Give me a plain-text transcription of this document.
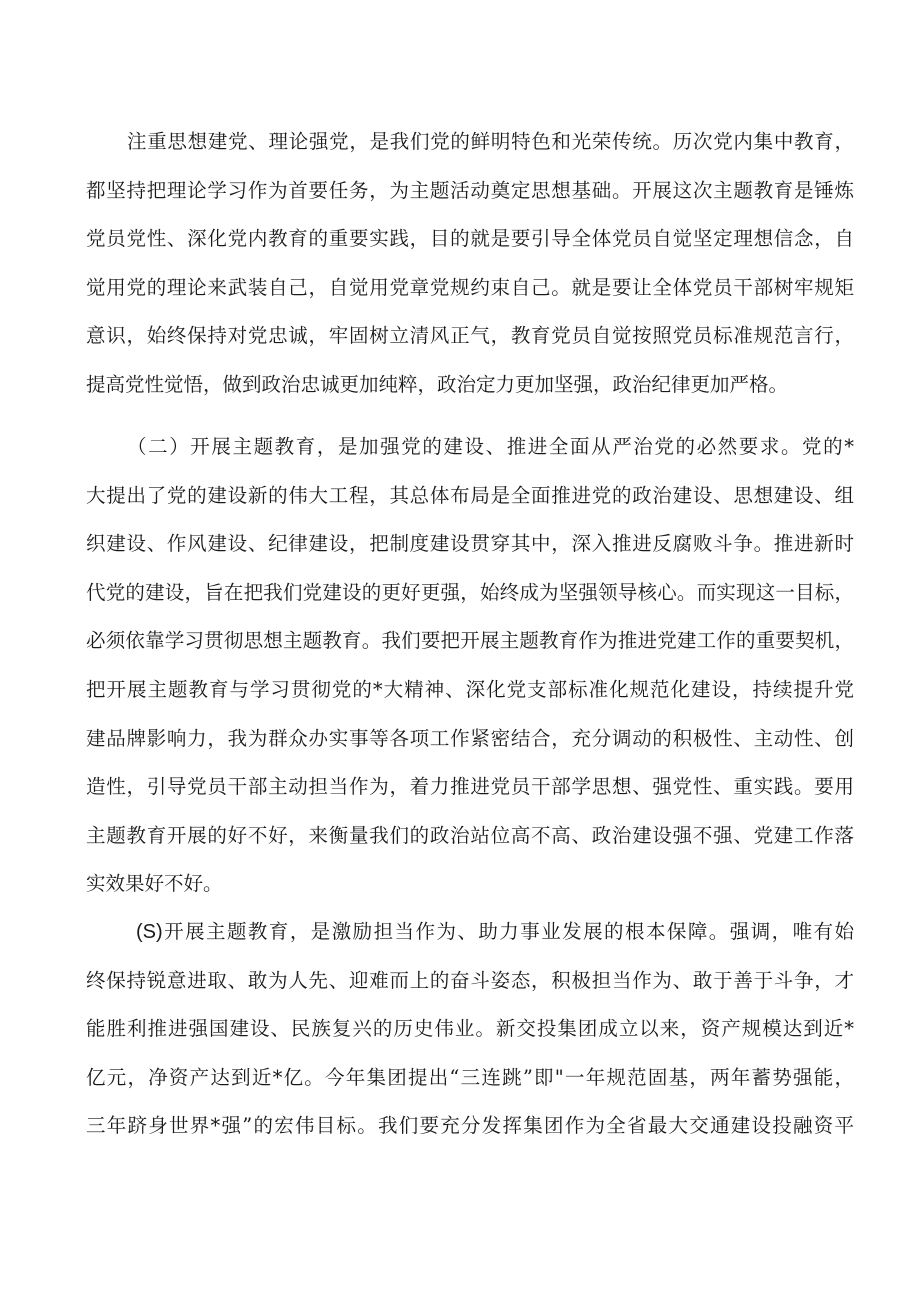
注重思想建党、理论强党，是我们党的鲜明特色和光荣传统。历次党内集中教育，
都坚持把理论学习作为首要任务，为主题活动奠定思想基础。开展这次主题教育是锤炼
党员党性、深化党内教育的重要实践，目的就是要引导全体党员自觉坚定理想信念，自
觉用党的理论来武装自己，自觉用党章党规约束自己。就是要让全体党员干部树牢规矩
意识，始终保持对党忠诚，牢固树立清风正气，教育党员自觉按照党员标准规范言行，
提高党性觉悟，做到政治忠诚更加纯粹，政治定力更加坚强，政治纪律更加严格。
（二）开展主题教育，是加强党的建设、推进全面从严治党的必然要求。党的*
大提出了党的建设新的伟大工程，其总体布局是全面推进党的政治建设、思想建设、组
织建设、作风建设、纪律建设，把制度建设贯穿其中，深入推进反腐败斗争。推进新时
代党的建设，旨在把我们党建设的更好更强，始终成为坚强领导核心。而实现这一目标，
必须依靠学习贯彻思想主题教育。我们要把开展主题教育作为推进党建工作的重要契机，
把开展主题教育与学习贯彻党的*大精神、深化党支部标准化规范化建设，持续提升党
建品牌影响力，我为群众办实事等各项工作紧密结合，充分调动的积极性、主动性、创
造性，引导党员干部主动担当作为，着力推进党员干部学思想、强党性、重实践。要用
主题教育开展的好不好，来衡量我们的政治站位高不高、政治建设强不强、党建工作落
实效果好不好。
(S)开展主题教育，是激励担当作为、助力事业发展的根本保障。强调，唯有始
终保持锐意进取、敢为人先、迎难而上的奋斗姿态，积极担当作为、敢于善于斗争，才
能胜利推进强国建设、民族复兴的历史伟业。新交投集团成立以来，资产规模达到近*
亿元，净资产达到近*亿。今年集团提出“三连跳”即"一年规范固基，两年蓄势强能，
三年跻身世界*强”的宏伟目标。我们要充分发挥集团作为全省最大交通建设投融资平
